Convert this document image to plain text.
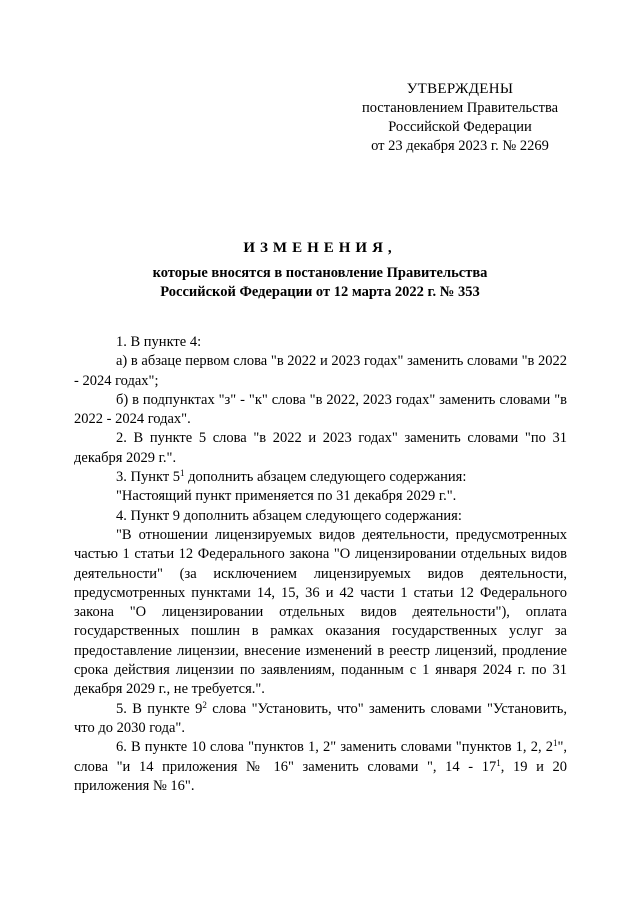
УТВЕРЖДЕНЫ
постановлением Правительства
Российской Федерации
от 23 декабря 2023 г. № 2269
ИЗМЕНЕНИЯ,
которые вносятся в постановление Правительства
Российской Федерации от 12 марта 2022 г. № 353

1. В пункте 4:

а) в абзаце первом слова "в 2022 и 2023 годах" заменить словами "в 2022 - 2024 годах";

б) в подпунктах "з" - "к" слова "в 2022, 2023 годах" заменить словами "в 2022 - 2024 годах".

2. В пункте 5 слова "в 2022 и 2023 годах" заменить словами "по 31 декабря 2029 г.".

3. Пункт $5^1$ дополнить абзацем следующего содержания:

"Настоящий пункт применяется по 31 декабря 2029 г.".

4. Пункт 9 дополнить абзацем следующего содержания:

"В отношении лицензируемых видов деятельности, предусмотренных частью 1 статьи 12 Федерального закона "О лицензировании отдельных видов деятельности" (за исключением лицензируемых видов деятельности, предусмотренных пунктами 14, 15, 36 и 42 части 1 статьи 12 Федерального закона "О лицензировании отдельных видов деятельности"), оплата государственных пошлин в рамках оказания государственных услуг за предоставление лицензии, внесение изменений в реестр лицензий, продление срока действия лицензии по заявлениям, поданным с 1 января 2024 г. по 31 декабря 2029 г., не требуется.".

5. В пункте $9^2$ слова "Установить, что" заменить словами "Установить, что до 2030 года".

6. В пункте 10 слова "пунктов 1, 2" заменить словами "пунктов 1, 2, $2^1$", слова "и 14 приложения № 16" заменить словами ", $14 - 17^1$, 19 и 20 приложения № 16".
